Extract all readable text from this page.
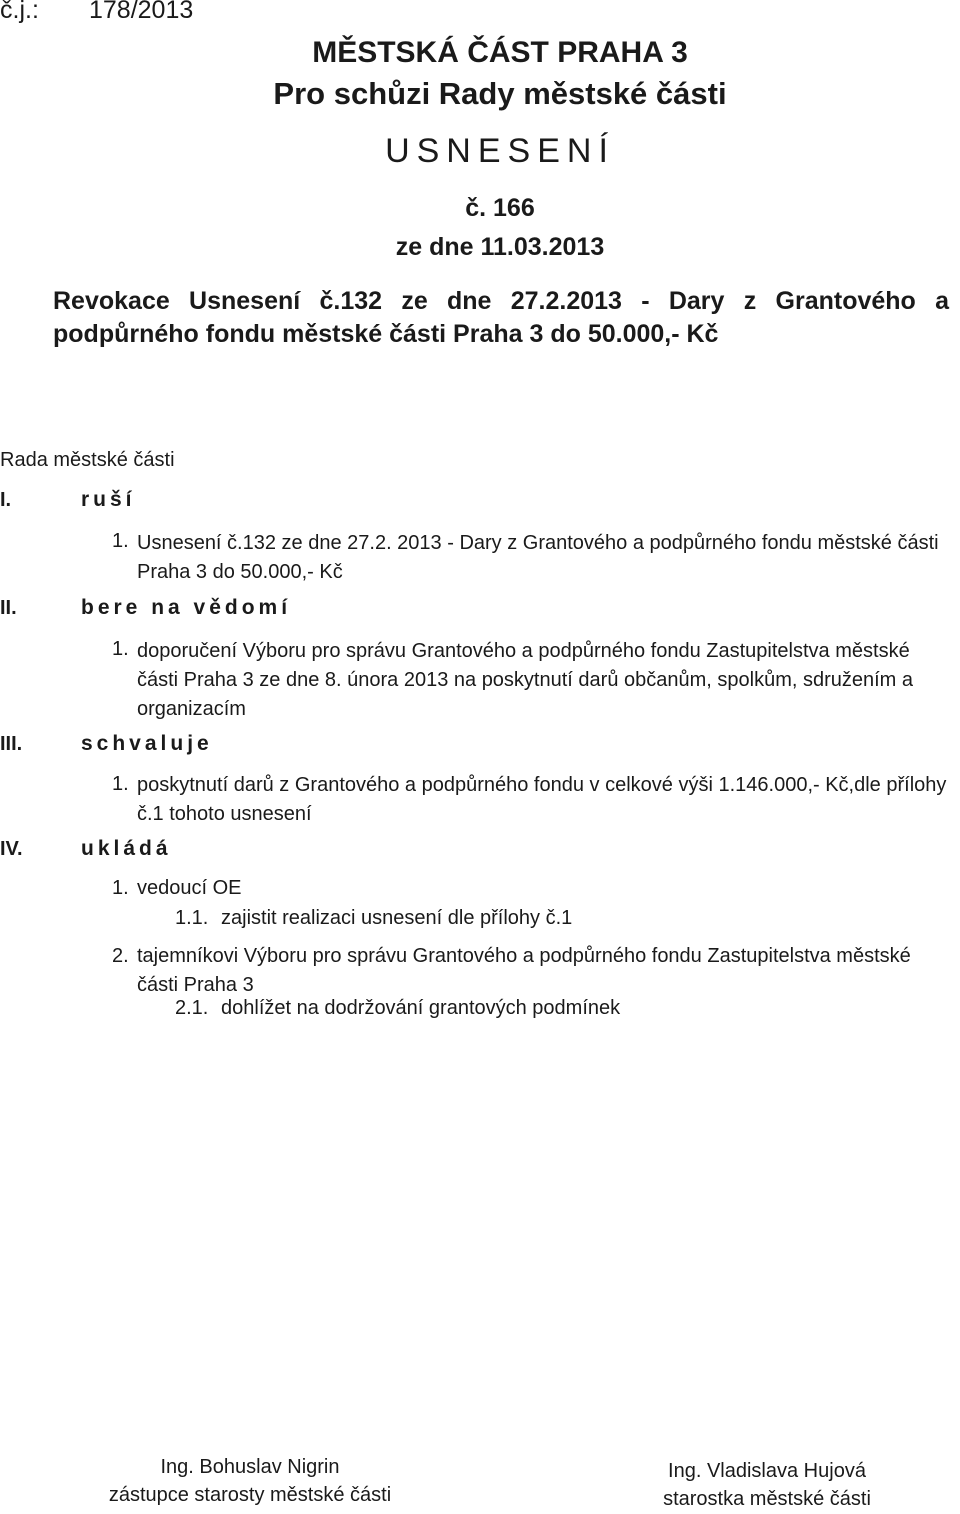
č.j.: 178/2013
MĚSTSKÁ ČÁST PRAHA 3
Pro schůzi Rady městské části
USNESENÍ
č. 166
ze dne 11.03.2013
Revokace Usnesení č.132 ze dne 27.2.2013 - Dary z Grantového a podpůrného fondu městské části Praha 3 do 50.000,- Kč
Rada městské části
I.	ruší
1. Usnesení č.132 ze dne 27.2. 2013 - Dary z Grantového a podpůrného fondu městské části Praha 3 do 50.000,- Kč
II.	bere na vědomí
1. doporučení Výboru pro správu Grantového a podpůrného fondu Zastupitelstva městské části Praha 3 ze dne 8. února 2013 na poskytnutí darů občanům, spolkům, sdružením a organizacím
III.	schvaluje
1. poskytnutí darů z Grantového a podpůrného fondu v celkové výši 1.146.000,- Kč,dle přílohy č.1 tohoto usnesení
IV.	ukládá
1. vedoucí OE
1.1. zajistit realizaci usnesení dle přílohy č.1
2. tajemníkovi Výboru pro správu Grantového a podpůrného fondu Zastupitelstva městské části Praha 3
2.1. dohlížet na dodržování grantových podmínek
Ing. Bohuslav Nigrin
zástupce starosty městské části
Ing. Vladislava Hujová
starostka městské části
